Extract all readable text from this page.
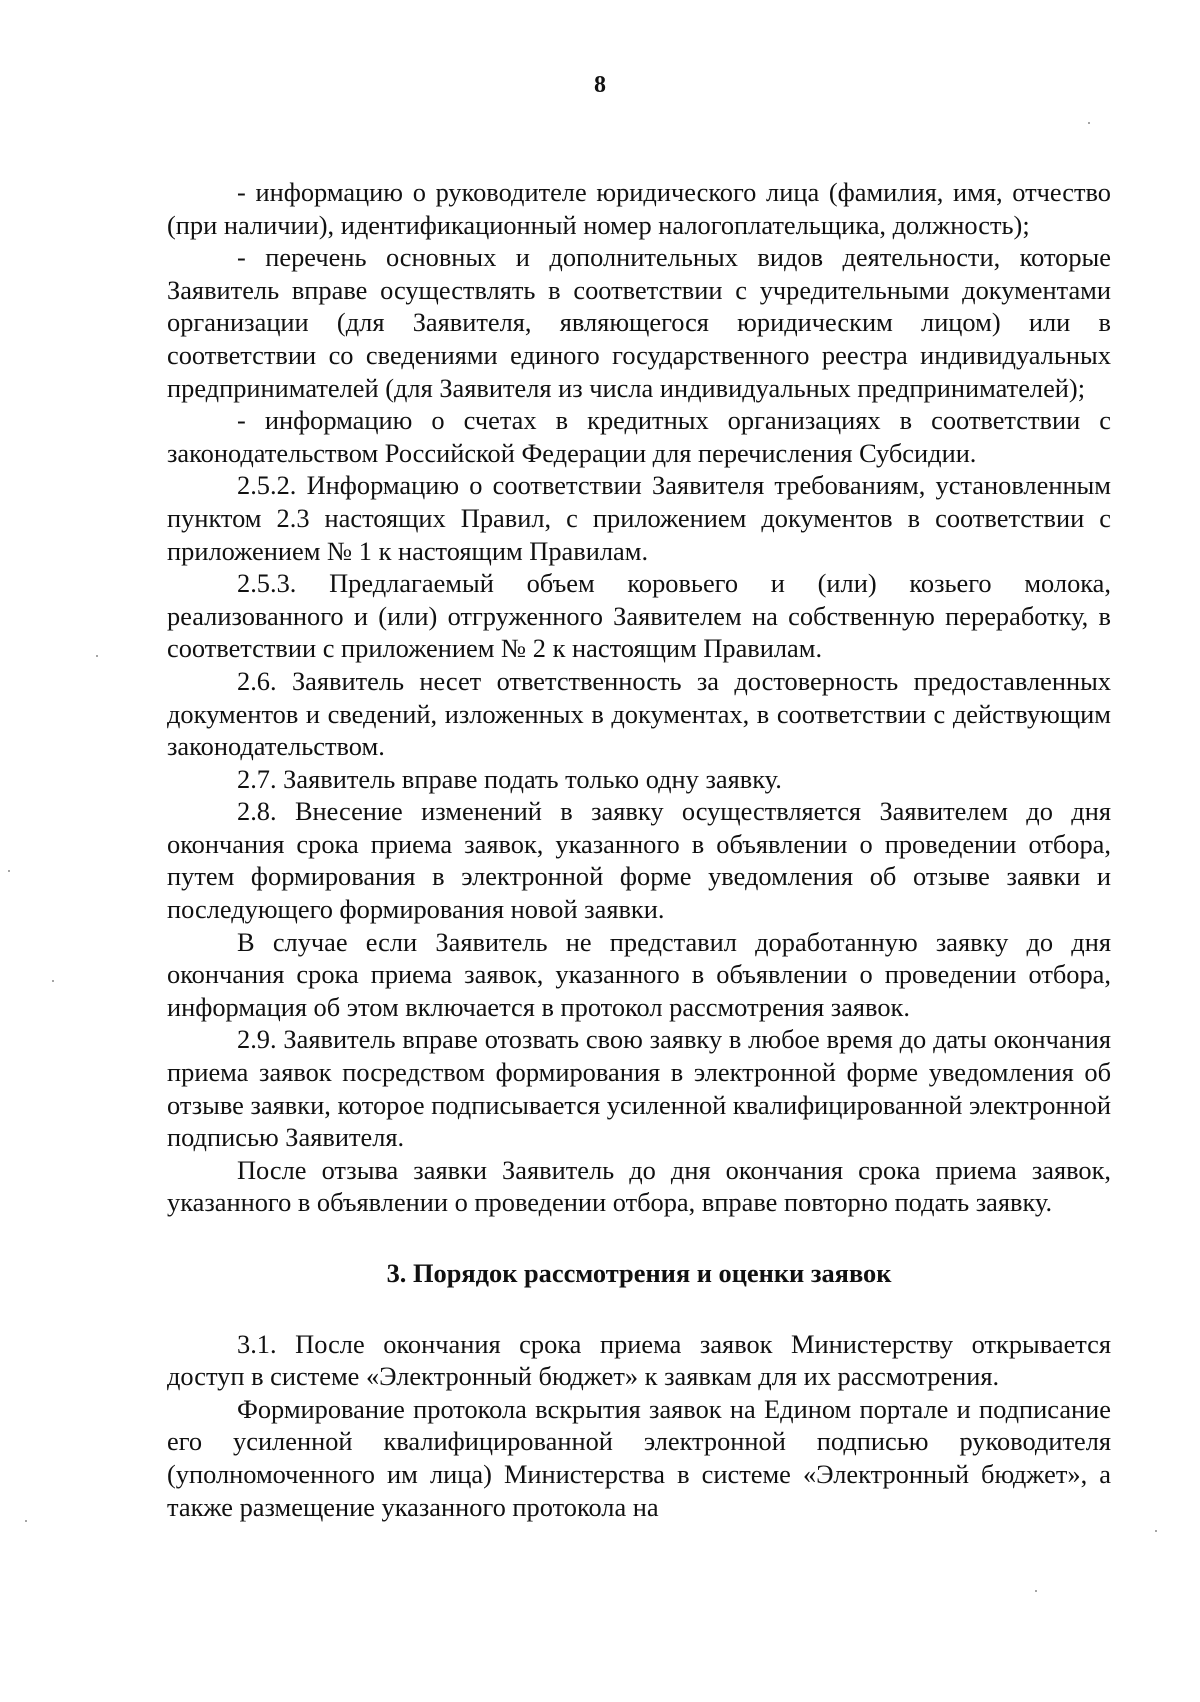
8

- информацию о руководителе юридического лица (фамилия, имя, отчество (при наличии), идентификационный номер налогоплательщика, должность);

- перечень основных и дополнительных видов деятельности, которые Заявитель вправе осуществлять в соответствии с учредительными документами организации (для Заявителя, являющегося юридическим лицом) или в соответствии со сведениями единого государственного реестра индивидуальных предпринимателей (для Заявителя из числа индивидуальных предпринимателей);

- информацию о счетах в кредитных организациях в соответствии с законодательством Российской Федерации для перечисления Субсидии.

2.5.2. Информацию о соответствии Заявителя требованиям, установленным пунктом 2.3 настоящих Правил, с приложением документов в соответствии с приложением № 1 к настоящим Правилам.

2.5.3. Предлагаемый объем коровьего и (или) козьего молока, реализованного и (или) отгруженного Заявителем на собственную переработку, в соответствии с приложением № 2 к настоящим Правилам.

2.6. Заявитель несет ответственность за достоверность предоставленных документов и сведений, изложенных в документах, в соответствии с действующим законодательством.

2.7. Заявитель вправе подать только одну заявку.

2.8. Внесение изменений в заявку осуществляется Заявителем до дня окончания срока приема заявок, указанного в объявлении о проведении отбора, путем формирования в электронной форме уведомления об отзыве заявки и последующего формирования новой заявки.

В случае если Заявитель не представил доработанную заявку до дня окончания срока приема заявок, указанного в объявлении о проведении отбора, информация об этом включается в протокол рассмотрения заявок.

2.9. Заявитель вправе отозвать свою заявку в любое время до даты окончания приема заявок посредством формирования в электронной форме уведомления об отзыве заявки, которое подписывается усиленной квалифицированной электронной подписью Заявителя.

После отзыва заявки Заявитель до дня окончания срока приема заявок, указанного в объявлении о проведении отбора, вправе повторно подать заявку.

3. Порядок рассмотрения и оценки заявок

3.1. После окончания срока приема заявок Министерству открывается доступ в системе «Электронный бюджет» к заявкам для их рассмотрения.

Формирование протокола вскрытия заявок на Едином портале и подписание его усиленной квалифицированной электронной подписью руководителя (уполномоченного им лица) Министерства в системе «Электронный бюджет», а также размещение указанного протокола на
